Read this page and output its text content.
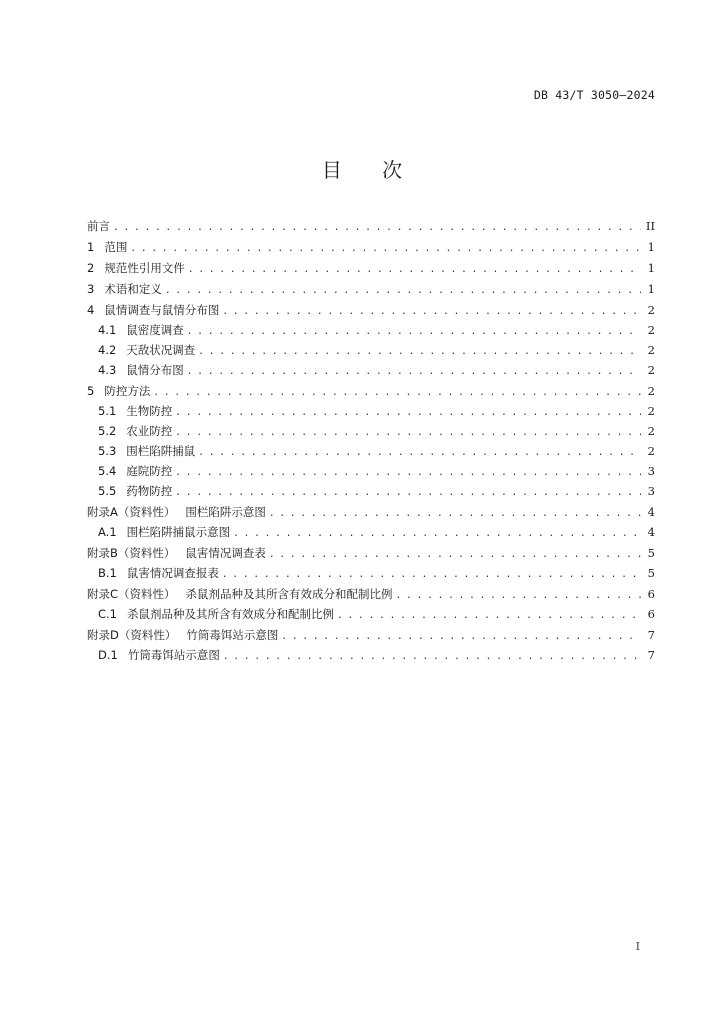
DB 43/T 3050—2024
目 次
前言 . . .	II
1 范围 . . .	1
2 规范性引用文件 . . .	1
3 术语和定义 . . .	1
4 鼠情调查与鼠情分布图 . . .	2
4.1 鼠密度调查 . . .	2
4.2 天敌状况调查 . . .	2
4.3 鼠情分布图 . . .	2
5 防控方法 . . .	2
5.1 生物防控 . . .	2
5.2 农业防控 . . .	2
5.3 围栏陷阱捕鼠 . . .	2
5.4 庭院防控 . . .	3
5.5 药物防控 . . .	3
附录A（资料性） 围栏陷阱示意图 . . .	4
A.1 围栏陷阱捕鼠示意图 . . .	4
附录B（资料性） 鼠害情况调查表 . . .	5
B.1 鼠害情况调查报表 . . .	5
附录C（资料性） 杀鼠剂品种及其所含有效成分和配制比例 . . .	6
C.1 杀鼠剂品种及其所含有效成分和配制比例 . . .	6
附录D（资料性） 竹筒毒饵站示意图 . . .	7
D.1 竹筒毒饵站示意图 . . .	7
I
